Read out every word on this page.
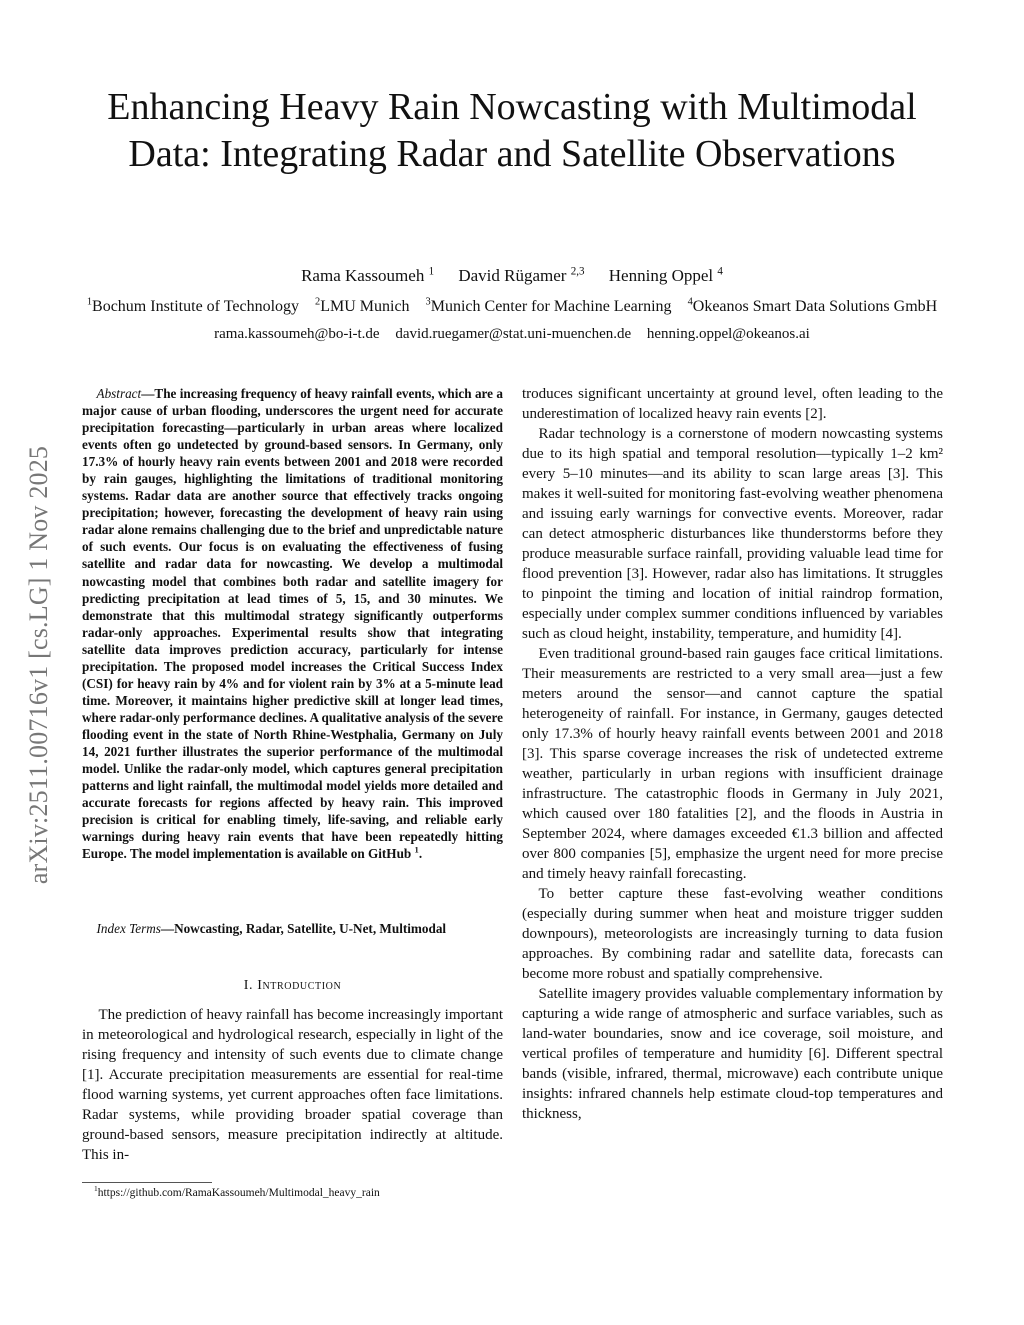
arXiv:2511.00716v1 [cs.LG] 1 Nov 2025
Enhancing Heavy Rain Nowcasting with Multimodal Data: Integrating Radar and Satellite Observations
Rama Kassoumeh $^1$ David Rügamer $^{2,3}$ Henning Oppel $^4$
$^1$Bochum Institute of Technology $^2$LMU Munich $^3$Munich Center for Machine Learning $^4$Okeanos Smart Data Solutions GmbH
rama.kassoumeh@bo-i-t.de david.ruegamer@stat.uni-muenchen.de henning.oppel@okeanos.ai

Abstract—The increasing frequency of heavy rainfall events, which are a major cause of urban flooding, underscores the urgent need for accurate precipitation forecasting—particularly in urban areas where localized events often go undetected by ground-based sensors. In Germany, only 17.3% of hourly heavy rain events between 2001 and 2018 were recorded by rain gauges, highlighting the limitations of traditional monitoring systems. Radar data are another source that effectively tracks ongoing precipitation; however, forecasting the development of heavy rain using radar alone remains challenging due to the brief and unpredictable nature of such events. Our focus is on evaluating the effectiveness of fusing satellite and radar data for nowcasting. We develop a multimodal nowcasting model that combines both radar and satellite imagery for predicting precipitation at lead times of 5, 15, and 30 minutes. We demonstrate that this multimodal strategy significantly outperforms radar-only approaches. Experimental results show that integrating satellite data improves prediction accuracy, particularly for intense precipitation. The proposed model increases the Critical Success Index (CSI) for heavy rain by 4% and for violent rain by 3% at a 5-minute lead time. Moreover, it maintains higher predictive skill at longer lead times, where radar-only performance declines. A qualitative analysis of the severe flooding event in the state of North Rhine-Westphalia, Germany on July 14, 2021 further illustrates the superior performance of the multimodal model. Unlike the radar-only model, which captures general precipitation patterns and light rainfall, the multimodal model yields more detailed and accurate forecasts for regions affected by heavy rain. This improved precision is critical for enabling timely, life-saving, and reliable early warnings during heavy rain events that have been repeatedly hitting Europe. The model implementation is available on GitHub $^1$.

Index Terms—Nowcasting, Radar, Satellite, U-Net, Multimodal

I. Introduction

The prediction of heavy rainfall has become increasingly important in meteorological and hydrological research, especially in light of the rising frequency and intensity of such events due to climate change [1]. Accurate precipitation measurements are essential for real-time flood warning systems, yet current approaches often face limitations. Radar systems, while providing broader spatial coverage than ground-based sensors, measure precipitation indirectly at altitude. This in-

$^1$https://github.com/RamaKassoumeh/Multimodal_heavy_rain

troduces significant uncertainty at ground level, often leading to the underestimation of localized heavy rain events [2].

Radar technology is a cornerstone of modern nowcasting systems due to its high spatial and temporal resolution—typically 1–2 km² every 5–10 minutes—and its ability to scan large areas [3]. This makes it well-suited for monitoring fast-evolving weather phenomena and issuing early warnings for convective events. Moreover, radar can detect atmospheric disturbances like thunderstorms before they produce measurable surface rainfall, providing valuable lead time for flood prevention [3]. However, radar also has limitations. It struggles to pinpoint the timing and location of initial raindrop formation, especially under complex summer conditions influenced by variables such as cloud height, instability, temperature, and humidity [4].

Even traditional ground-based rain gauges face critical limitations. Their measurements are restricted to a very small area—just a few meters around the sensor—and cannot capture the spatial heterogeneity of rainfall. For instance, in Germany, gauges detected only 17.3% of hourly heavy rainfall events between 2001 and 2018 [3]. This sparse coverage increases the risk of undetected extreme weather, particularly in urban regions with insufficient drainage infrastructure. The catastrophic floods in Germany in July 2021, which caused over 180 fatalities [2], and the floods in Austria in September 2024, where damages exceeded €1.3 billion and affected over 800 companies [5], emphasize the urgent need for more precise and timely heavy rainfall forecasting.

To better capture these fast-evolving weather conditions (especially during summer when heat and moisture trigger sudden downpours), meteorologists are increasingly turning to data fusion approaches. By combining radar and satellite data, forecasts can become more robust and spatially comprehensive.

Satellite imagery provides valuable complementary information by capturing a wide range of atmospheric and surface variables, such as land-water boundaries, snow and ice coverage, soil moisture, and vertical profiles of temperature and humidity [6]. Different spectral bands (visible, infrared, thermal, microwave) each contribute unique insights: infrared channels help estimate cloud-top temperatures and thickness,
